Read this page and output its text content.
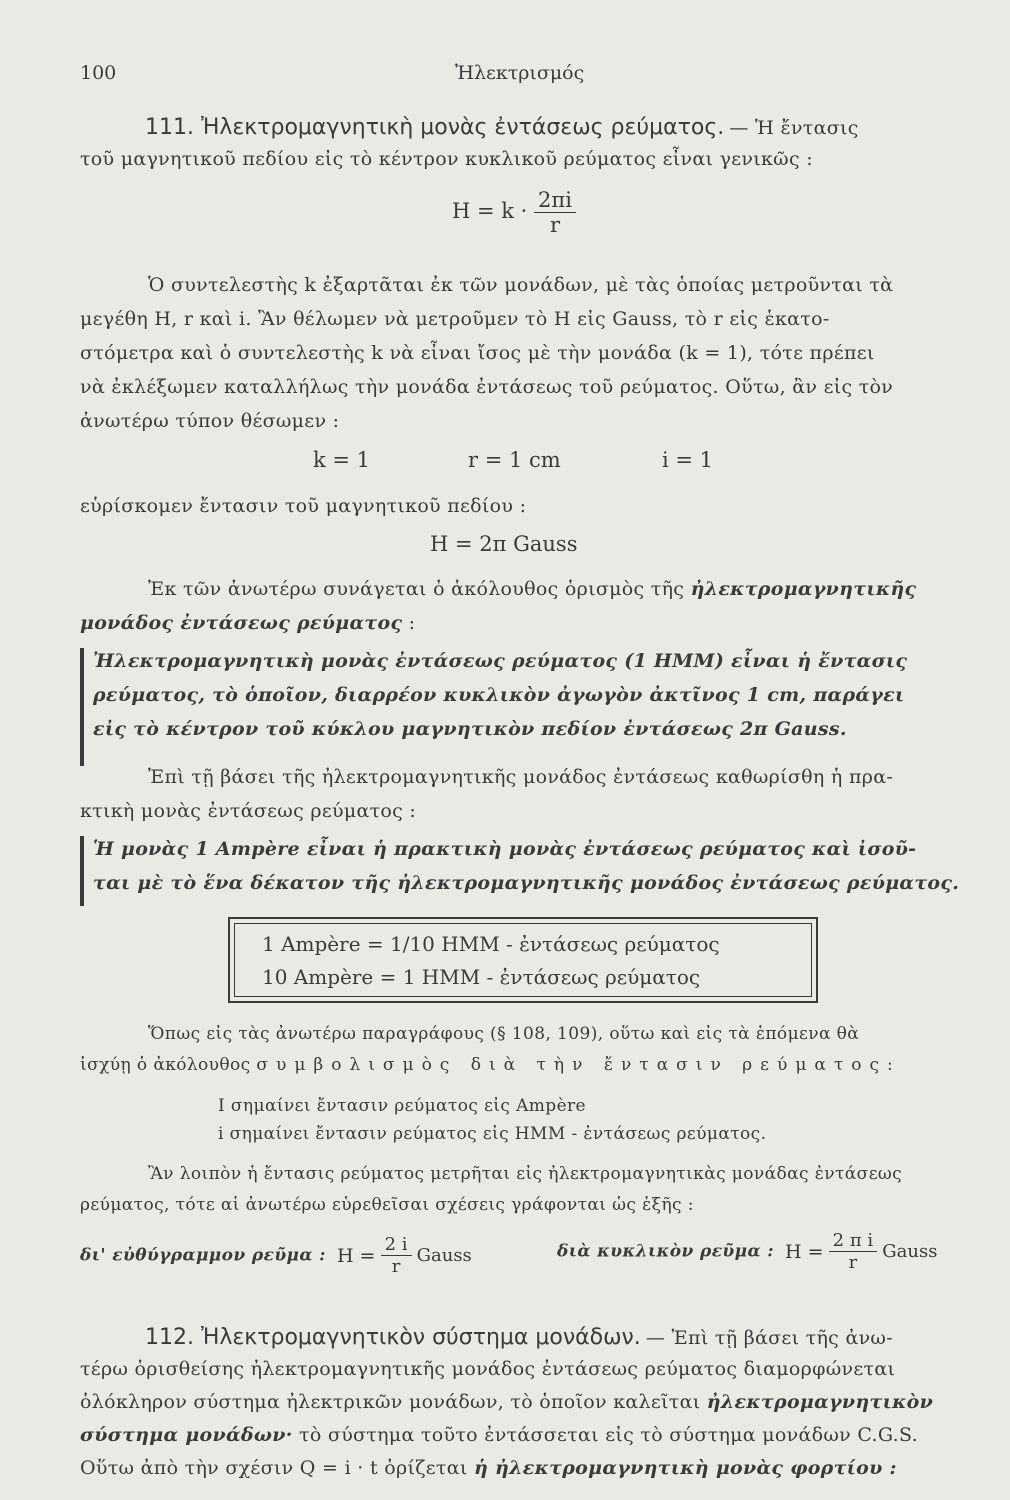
100	Ἠλεκτρισμός
111. Ἠλεκτρομαγνητικὴ μονὰς ἐντάσεως ρεύματος. — Ἡ ἔντασις
τοῦ μαγνητικοῦ πεδίου εἰς τὸ κέντρον κυκλικοῦ ρεύματος εἶναι γενικῶς :
$H = k \cdot \frac{2\pi i}{r}$
Ὁ συντελεστὴς k ἐξαρτᾶται ἐκ τῶν μονάδων, μὲ τὰς ὁποίας μετροῦνται τὰ
μεγέθη H, r καὶ i. Ἂν θέλωμεν νὰ μετροῦμεν τὸ H εἰς Gauss, τὸ r εἰς ἑκατο-
στόμετρα καὶ ὁ συντελεστὴς k νὰ εἶναι ἴσος μὲ τὴν μονάδα (k = 1), τότε πρέπει
νὰ ἐκλέξωμεν καταλλήλως τὴν μονάδα ἐντάσεως τοῦ ρεύματος. Οὕτω, ἂν εἰς τὸν
ἀνωτέρω τύπον θέσωμεν :
k = 1	r = 1 cm	i = 1
εὑρίσκομεν ἔντασιν τοῦ μαγνητικοῦ πεδίου :
H = 2π Gauss
Ἐκ τῶν ἀνωτέρω συνάγεται ὁ ἀκόλουθος ὁρισμὸς τῆς ἠλεκτρομαγνητικῆς
μονάδος ἐντάσεως ρεύματος :
Ἠλεκτρομαγνητικὴ μονὰς ἐντάσεως ρεύματος (1 HMM) εἶναι ἡ ἔντασις
ρεύματος, τὸ ὁποῖον, διαρρέον κυκλικὸν ἀγωγὸν ἀκτῖνος 1 cm, παράγει
εἰς τὸ κέντρον τοῦ κύκλου μαγνητικὸν πεδίον ἐντάσεως 2π Gauss.
Ἐπὶ τῇ βάσει τῆς ἠλεκτρομαγνητικῆς μονάδος ἐντάσεως καθωρίσθη ἡ πρα-
κτικὴ μονὰς ἐντάσεως ρεύματος :
Ἡ μονὰς 1 Ampère εἶναι ἡ πρακτικὴ μονὰς ἐντάσεως ρεύματος καὶ ἰσοῦ-
ται μὲ τὸ ἕνα δέκατον τῆς ἠλεκτρομαγνητικῆς μονάδος ἐντάσεως ρεύματος.
1 Ampère = 1/10 HMM - ἐντάσεως ρεύματος
10 Ampère = 1 HMM - ἐντάσεως ρεύματος
Ὅπως εἰς τὰς ἀνωτέρω παραγράφους (§ 108, 109), οὕτω καὶ εἰς τὰ ἑπόμενα θὰ
ἰσχύῃ ὁ ἀκόλουθος συμβολισμὸς διὰ τὴν ἔντασιν ρεύματος:
I σημαίνει ἔντασιν ρεύματος εἰς Ampère
i σημαίνει ἔντασιν ρεύματος εἰς HMM - ἐντάσεως ρεύματος.
Ἂν λοιπὸν ἡ ἔντασις ρεύματος μετρῆται εἰς ἠλεκτρομαγνητικὰς μονάδας ἐντάσεως
ρεύματος, τότε αἱ ἀνωτέρω εὑρεθεῖσαι σχέσεις γράφονται ὡς ἑξῆς :
δι' εὐθύγραμμον ρεῦμα : $H = \frac{2 i}{r}$ Gauss	διὰ κυκλικὸν ρεῦμα : $H = \frac{\text{2 π i}}{r}$ Gauss
112. Ἠλεκτρομαγνητικὸν σύστημα μονάδων. — Ἐπὶ τῇ βάσει τῆς ἀνω-
τέρω ὁρισθείσης ἠλεκτρομαγνητικῆς μονάδος ἐντάσεως ρεύματος διαμορφώνεται
ὁλόκληρον σύστημα ἠλεκτρικῶν μονάδων, τὸ ὁποῖον καλεῖται ἠλεκτρομαγνητικὸν
σύστημα μονάδων· τὸ σύστημα τοῦτο ἐντάσσεται εἰς τὸ σύστημα μονάδων C.G.S.
Οὕτω ἀπὸ τὴν σχέσιν Q = i · t ὁρίζεται ἡ ἠλεκτρομαγνητικὴ μονὰς φορτίου :
